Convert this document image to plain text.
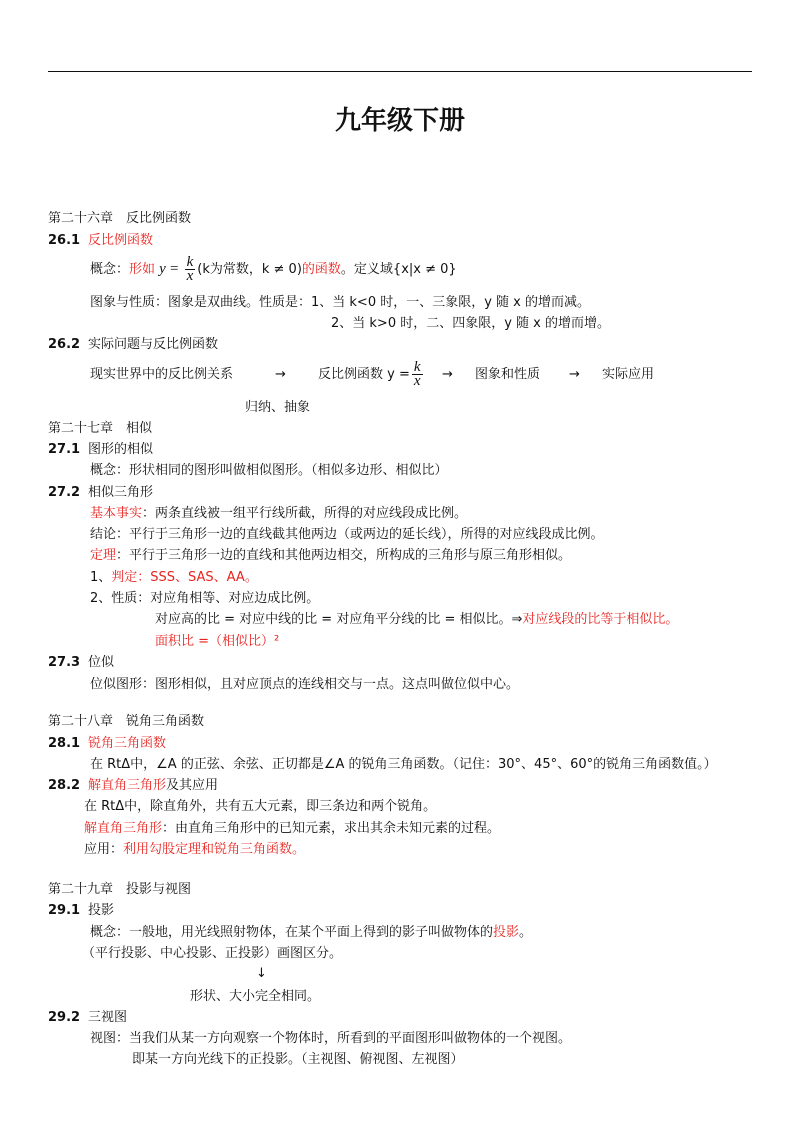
九年级下册
第二十六章　反比例函数
26.1 反比例函数
概念：形如 $y = \frac{k}{x} (k$为常数，k ≠ 0)的函数。定义域{x|x ≠ 0}
图象与性质：图象是双曲线。性质是：1、当 k<0 时，一、三象限，y 随 x 的增而减。
2、当 k>0 时，二、四象限，y 随 x 的增而增。
26.2 实际问题与反比例函数
现实世界中的反比例关系	→ 反比例函数 $y = \frac{k}{x}$ → 图象和性质 → 实际应用
归纳、抽象
第二十七章　相似
27.1 图形的相似
概念：形状相同的图形叫做相似图形。（相似多边形、相似比）
27.2 相似三角形
基本事实：两条直线被一组平行线所截，所得的对应线段成比例。
结论：平行于三角形一边的直线截其他两边（或两边的延长线），所得的对应线段成比例。
定理：平行于三角形一边的直线和其他两边相交，所构成的三角形与原三角形相似。
1、判定：SSS、SAS、AA。
2、性质：对应角相等、对应边成比例。
对应高的比 = 对应中线的比 = 对应角平分线的比 = 相似比。⇒对应线段的比等于相似比。
面积比 =（相似比）²
27.3 位似
位似图形：图形相似，且对应顶点的连线相交与一点。这点叫做位似中心。
第二十八章　锐角三角函数
28.1 锐角三角函数
在 RtΔ中，∠A 的正弦、余弦、正切都是∠A 的锐角三角函数。（记住：30°、45°、60°的锐角三角函数值。）
28.2 解直角三角形及其应用
在 RtΔ中，除直角外，共有五大元素，即三条边和两个锐角。
解直角三角形：由直角三角形中的已知元素，求出其余未知元素的过程。
应用：利用勾股定理和锐角三角函数。
第二十九章　投影与视图
29.1 投影
概念：一般地，用光线照射物体，在某个平面上得到的影子叫做物体的投影。
（平行投影、中心投影、正投影）画图区分。
↓
形状、大小完全相同。
29.2 三视图
视图：当我们从某一方向观察一个物体时，所看到的平面图形叫做物体的一个视图。
即某一方向光线下的正投影。（主视图、俯视图、左视图）
